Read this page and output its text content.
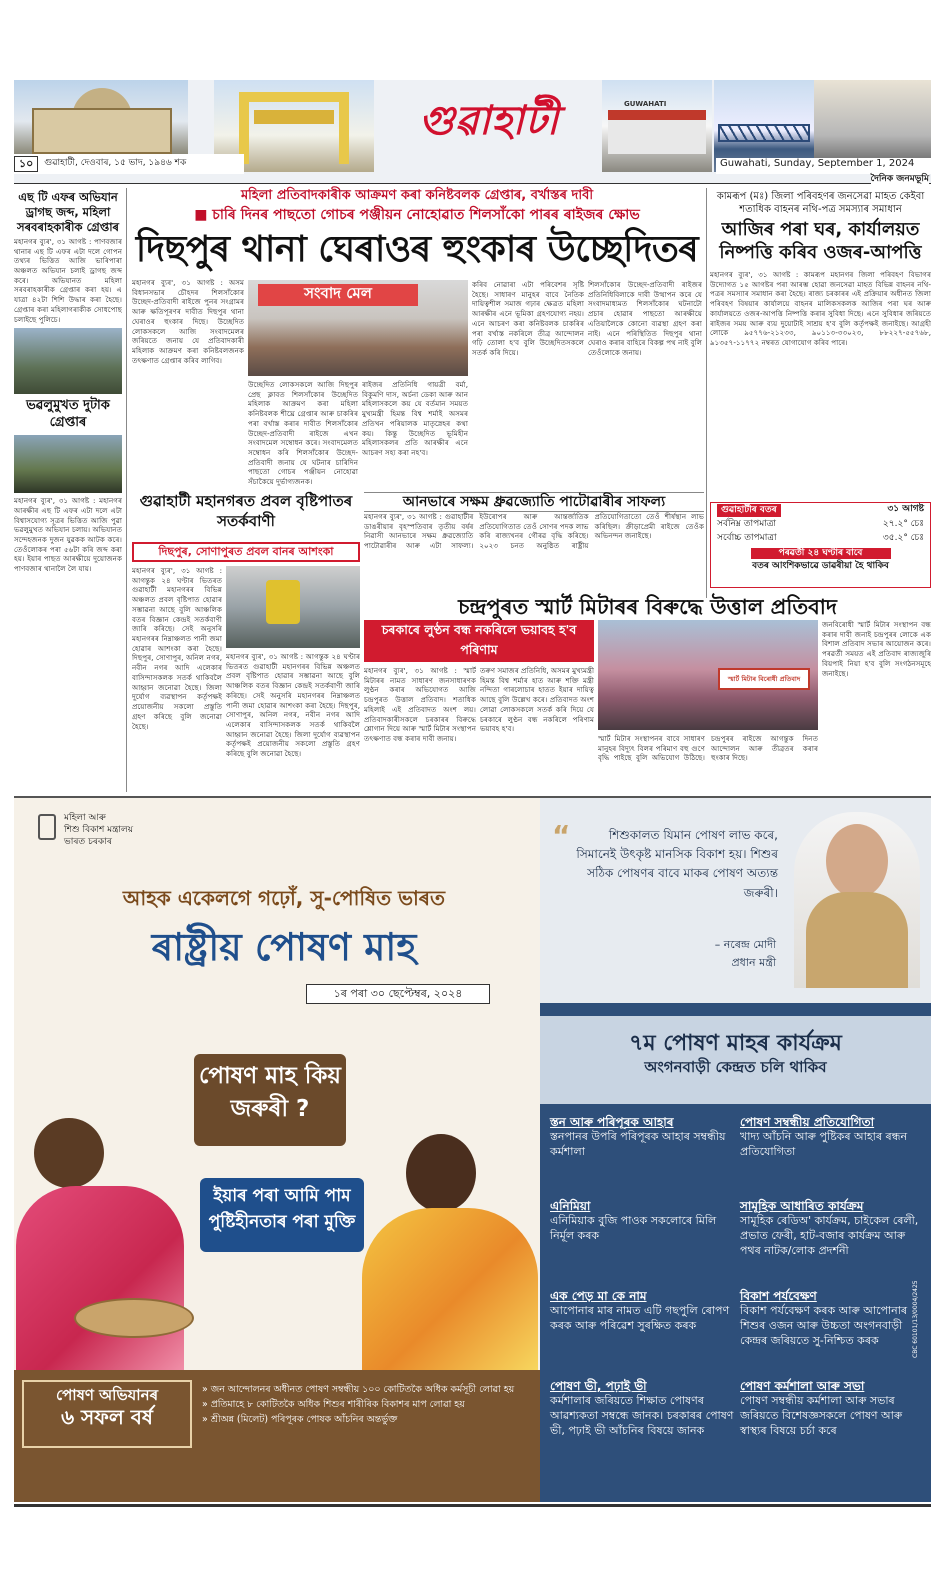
গুৱাহাটী	GUWAHATI
১০	গুৱাহাটী, দেওবাৰ, ১৫ ভাদ, ১৯৪৬ শক	Guwahati, Sunday, September 1, 2024
দৈনিক জনমভূমি
এছ টি এফৰ অভিযান ড্ৰাগছ জব্দ, মহিলা সৰবৰাহকাৰীক গ্ৰেপ্তাৰ

মহানগৰ ব্যুৰ', ৩১ আগষ্ট : পাণবজাৰ থানাৰ এছ টি এফৰ এটা দলে গোপন তথ্যৰ ভিত্তিত আজি ভাৰিপাৰা অঞ্চলত অভিযান চলাই ড্ৰাগছ জব্দ কৰে। অভিযানত মহিলা সৰবৰাহকাৰীক গ্ৰেপ্তাৰ কৰা হয়। এ যাত্ৰা ৪২টা শিশি উদ্ধাৰ কৰা হৈছে। গ্ৰেপ্তাৰ কৰা মহিলাগৰাকীক সোধপোছ চলাইছে পুলিচে।

ভৱলুমুখত দুটাক গ্ৰেপ্তাৰ

মহানগৰ ব্যুৰ', ৩১ আগষ্ট : মহানগৰ আৰক্ষীৰ এছ টি এফৰ এটা দলে এটা বিশ্বাসযোগ্য সূত্ৰৰ ভিত্তিত আজি পুৱা ভৱলুমুখত অভিযান চলায়। অভিযানত সন্দেহজনক দুজন যুৱকক আটক কৰে। তেওঁলোকৰ পৰা ৫৬টা কৰি জব্দ কৰা হয়। ইয়াৰ পাছত আৰক্ষীয়ে দুয়োজনক পাণবজাৰ থানালৈ লৈ যায়।

মহিলা প্ৰতিবাদকাৰীক আক্ৰমণ কৰা কনিষ্টবলক গ্ৰেপ্তাৰ, বৰ্খাস্তৰ দাবী
■ চাৰি দিনৰ পাছতো গোচৰ পঞ্জীয়ন নোহোৱাত শিলসাঁকো পাৰৰ ৰাইজৰ ক্ষোভ
দিছপুৰ থানা ঘেৰাওৰ হুংকাৰ উচ্ছেদিতৰ

মহানগৰ ব্যুৰ', ৩১ আগষ্ট : অসম বিধানসভাৰ চৌহদৰ শিলসাঁকোৰ উচ্ছেদ-প্ৰতিবাদী ৰাইজে পুনৰ সংগ্ৰামৰ আৰু ক্ষতিপূৰণৰ দাবীত দিছপুৰ থানা ঘেৰাওৰ হুংকাৰ দিছে। উচ্ছেদিত লোকসকলে আজি সংবাদমেলৰ জৰিয়তে জনায় যে প্ৰতিবাদকাৰী মহিলাক আক্ৰমণ কৰা কনিষ্টবলজনক তৎক্ষণাত গ্ৰেপ্তাৰ কৰিব লাগিব।

সংবাদ মেল

উচ্ছেদিত লোকসকলে আজি দিছপুৰ প্ৰেছ ক্লাবত শিলসাঁকোৰ উচ্ছেদিত মহিলাক আক্ৰমণ কৰা মহিলা কনিষ্টবলক শীঘ্ৰে গ্ৰেপ্তাৰ আৰু চাকৰিৰ পৰা বৰ্খাস্ত কৰাৰ দাবীত শিলসাঁকোৰ উচ্ছেদ-প্ৰতিবাদী ৰাইজে এখন সংবাদমেল সম্বোধন কৰে। সংবাদমেলত সম্বোধন কৰি শিলসাঁকোৰ উচ্ছেদ-প্ৰতিবাদী জনায় যে ঘটনাৰ চাৰিদিন পাছতো গোচৰ পঞ্জীয়ন নোহোৱা সঁচাকৈয়ে দুৰ্ভাগ্যজনক।

ৰাইজৰ প্ৰতিনিধি গায়ত্ৰী বৰ্মা, বিকুমণি দাস, অৰ্চনা ডেকা আৰু আন মহিলাসকলে কয় যে বৰ্তমান সময়ত মুখ্যমন্ত্ৰী হিমন্ত বিশ্ব শৰ্মাই অসমৰ প্ৰতিখন পৰিয়ালক মাতৃস্নেহৰ কথা কয়। কিন্তু উচ্ছেদিত ভূমিহীন মহিলাসকলৰ প্ৰতি আৰক্ষীৰ এনে আচৰণ সহ্য কৰা নহ'ব।

কৰিব নোৱাৰা এটা পৰিবেশৰ সৃষ্টি হৈছে। সাধাৰণ মানুহৰ বাবে নৈতিক দায়িত্বশীল সমাজ গঢ়াৰ ক্ষেত্ৰত মহিলা আৰক্ষীৰ এনে ভূমিকা গ্ৰহণযোগ্য নহয়। এনে আচৰণ কৰা কনিষ্টবলক চাকৰিৰ পৰা বৰ্খাস্ত নকৰিলে তীব্ৰ আন্দোলন গঢ়ি তোলা হ'ব বুলি উচ্ছেদিতসকলে সতৰ্ক কৰি দিয়ে।

শিলসাঁকোৰ উচ্ছেদ-প্ৰতিবাদী ৰাইজৰ প্ৰতিনিধিবিলাকে দাবী উত্থাপন কৰে যে সংবাদমাধ্যমত শিলসাঁকোৰ ঘটনাটো প্ৰচাৰ হোৱাৰ পাছতো আৰক্ষীয়ে এতিয়ালৈকে কোনো ব্যৱস্থা গ্ৰহণ কৰা নাই। এনে পৰিস্থিতিত দিছপুৰ থানা ঘেৰাও কৰাৰ বাহিৰে বিকল্প পথ নাই বুলি তেওঁলোকে জনায়।

গুৱাহাটী মহানগৰত প্ৰবল বৃষ্টিপাতৰ সতৰ্কবাণী
দিছপুৰ, সোণাপুৰত প্ৰবল বানৰ আশংকা

মহানগৰ ব্যুৰ', ৩১ আগষ্ট : আগন্তুক ২৪ ঘণ্টাৰ ভিতৰত গুৱাহাটী মহানগৰৰ বিভিন্ন অঞ্চলত প্ৰবল বৃষ্টিপাত হোৱাৰ সম্ভাৱনা আছে বুলি আঞ্চলিক বতৰ বিজ্ঞান কেন্দ্ৰই সতৰ্কবাণী জাৰি কৰিছে। সেই অনুসৰি মহানগৰৰ নিম্নাঞ্চলত পানী জমা হোৱাৰ আশংকা কৰা হৈছে। দিছপুৰ, সোণাপুৰ, অনিল নগৰ, নবীন নগৰ আদি এলেকাৰ বাসিন্দাসকলক সতৰ্ক থাকিবলৈ আহ্বান জনোৱা হৈছে। জিলা দুৰ্যোগ ব্যৱস্থাপন কৰ্তৃপক্ষই প্ৰয়োজনীয় সকলো প্ৰস্তুতি গ্ৰহণ কৰিছে বুলি জনোৱা হৈছে।

মহানগৰ ব্যুৰ', ৩১ আগষ্ট : আগন্তুক ২৪ ঘণ্টাৰ ভিতৰত গুৱাহাটী মহানগৰৰ বিভিন্ন অঞ্চলত প্ৰবল বৃষ্টিপাত হোৱাৰ সম্ভাৱনা আছে বুলি আঞ্চলিক বতৰ বিজ্ঞান কেন্দ্ৰই সতৰ্কবাণী জাৰি কৰিছে। সেই অনুসৰি মহানগৰৰ নিম্নাঞ্চলত পানী জমা হোৱাৰ আশংকা কৰা হৈছে। দিছপুৰ, সোণাপুৰ, অনিল নগৰ, নবীন নগৰ আদি এলেকাৰ বাসিন্দাসকলক সতৰ্ক থাকিবলৈ আহ্বান জনোৱা হৈছে। জিলা দুৰ্যোগ ব্যৱস্থাপন কৰ্তৃপক্ষই প্ৰয়োজনীয় সকলো প্ৰস্তুতি গ্ৰহণ কৰিছে বুলি জনোৱা হৈছে।

আনভাৰে সক্ষম ধ্ৰুৱজ্যোতি পাটোৱাৰীৰ সাফল্য

মহানগৰ ব্যুৰ', ৩১ আগষ্ট : গুৱাহাটীৰ ডাঙৰীয়াৰ বৃহস্পতিবাৰ তৃতীয় বৰ্ষৰ নিৱাসী আনভাৰে সক্ষম ধ্ৰুৱজ্যোতি পাটোৱাৰীৰ আৰু এটা সাফল্য। ইউৰোপৰ আৰু আন্তৰ্জাতিক প্ৰতিযোগিতাত তেওঁ সোণৰ পদক লাভ কৰি ৰাজ্যখনৰ গৌৰৱ বৃদ্ধি কৰিছে। ২০২৩ চনত অনুষ্ঠিত ৰাষ্ট্ৰীয় প্ৰতিযোগিতাতো তেওঁ শীৰ্ষস্থান লাভ কৰিছিল। ক্ৰীড়াপ্ৰেমী ৰাইজে তেওঁক অভিনন্দন জনাইছে।

কামৰূপ (মঃ) জিলা পৰিবহণৰ জনসেৱা মাহত কেইবা শতাধিক বাহনৰ নথি-পত্ৰ সমস্যাৰ সমাধান
আজিৰ পৰা ঘৰ, কাৰ্যালয়ত নিষ্পত্তি কৰিব ওজৰ-আপত্তি

মহানগৰ ব্যুৰ', ৩১ আগষ্ট : কামৰূপ মহানগৰ জিলা পৰিবহণ বিভাগৰ উদ্যোগত ১৫ আগষ্টৰ পৰা আৰম্ভ হোৱা জনসেৱা মাহত বিভিন্ন বাহনৰ নথি-পত্ৰৰ সমস্যাৰ সমাধান কৰা হৈছে। ৰাজ্য চৰকাৰৰ এই প্ৰক্ৰিয়াৰ অধীনত জিলা পৰিবহণ বিষয়াৰ কাৰ্যালয়ে বাহনৰ মালিকসকলক আজিৰ পৰা ঘৰ আৰু কাৰ্যালয়তে ওজৰ-আপত্তি নিষ্পত্তি কৰাৰ সুবিধা দিছে। এনে সুবিধাৰ জৰিয়তে ৰাইজৰ সময় আৰু ব্যয় দুয়োটাই সাশ্ৰয় হ'ব বুলি কৰ্তৃপক্ষই জনাইছে। আগ্ৰহী লোকে ৯৫৭৭৬-২১২৩৩, ৯০১১৩-৩৩০২৩, ৮৮২২৭-৫৫৭৬৮, ৯১৩৫৭-১১৭৭২ নম্বৰত যোগাযোগ কৰিব পাৰে।

গুৱাহাটীৰ বতৰ	৩১ আগষ্ট
সৰ্বনিম্ন তাপমাত্ৰা	২৭.২° চেঃ
সৰ্বোচ্চ তাপমাত্ৰা	৩৫.২° চেঃ
পৰৱৰ্তী ২৪ ঘণ্টাৰ বাবে
বতৰ আংশিকভাৱে ডাৱৰীয়া হৈ থাকিব
চন্দ্ৰপুৰত স্মাৰ্ট মিটাৰৰ বিৰুদ্ধে উত্তাল প্ৰতিবাদ
চৰকাৰে লুণ্ঠন বন্ধ নকৰিলে ভয়াবহ হ'ব পৰিণাম

মহানগৰ ব্যুৰ', ৩১ আগষ্ট : স্মাৰ্ট মিটাৰৰ নামত সাধাৰণ জনসাধাৰণক লুণ্ঠন কৰাৰ অভিযোগত আজি চন্দ্ৰপুৰত উত্তাল প্ৰতিবাদ। শতাধিক মহিলাই এই প্ৰতিবাদত অংশ লয়। প্ৰতিবাদকাৰীসকলে চৰকাৰৰ বিৰুদ্ধে শ্লোগান দিয়ে আৰু স্মাৰ্ট মিটাৰ সংস্থাপন তৎক্ষণাত বন্ধ কৰাৰ দাবী জনায়।

তৰুণ সমাজৰ প্ৰতিনিধি, অসমৰ মুখ্যমন্ত্ৰী হিমন্ত বিশ্ব শৰ্মাৰ হাত আৰু শক্তি মন্ত্ৰী নন্দিতা গাৰলোচাৰ হাতত ইয়াৰ দায়িত্ব আছে বুলি উল্লেখ কৰে। প্ৰতিবাদত অংশ লোৱা লোকসকলে সতৰ্ক কৰি দিয়ে যে চৰকাৰে লুণ্ঠন বন্ধ নকৰিলে পৰিণাম ভয়াবহ হ'ব।

স্মাৰ্ট মিটাৰ বিৰোধী প্ৰতিবাদ

স্মাৰ্ট মিটাৰ সংস্থাপনৰ বাবে সাধাৰণ মানুহৰ বিদ্যুৎ বিলৰ পৰিমাণ বহু গুণে বৃদ্ধি পাইছে বুলি অভিযোগ উঠিছে। চন্দ্ৰপুৰৰ ৰাইজে আগন্তুক দিনত আন্দোলন আৰু তীব্ৰতৰ কৰাৰ হুংকাৰ দিছে।

জনবিৰোধী স্মাৰ্ট মিটাৰ সংস্থাপন বন্ধ কৰাৰ দাবী জনাই চন্দ্ৰপুৰৰ লোকে এক বিশাল প্ৰতিবাদ সভাৰ আয়োজন কৰে। পৰৱৰ্তী সময়ত এই প্ৰতিবাদ ৰাজ্যজুৰি বিয়পাই নিয়া হ'ব বুলি সংগঠনসমূহে জনাইছে।

মহিলা আৰু
শিশু বিকাশ মন্ত্ৰালয়
ভাৰত চৰকাৰ
আহক একেলগে গঢ়োঁ, সু-পোষিত ভাৰত
ৰাষ্ট্ৰীয় পোষণ মাহ
১ৰ পৰা ৩০ ছেপ্টেম্বৰ, ২০২৪
পোষণ মাহ কিয় জৰুৰী ?
ইয়াৰ পৰা আমি পাম পুষ্টিহীনতাৰ পৰা মুক্তি
পোষণ অভিযানৰ
৬ সফল বৰ্ষ
» জন আন্দোলনৰ অধীনত পোষণ সম্বন্ধীয় ১০০ কোটিতকৈ অধিক কৰ্মসূচী লোৱা হয়
» প্ৰতিমাহে ৮ কোটিতকৈ অধিক শিশুৰ শাৰীৰিক বিকাশৰ মাপ লোৱা হয়
» শ্ৰীঅন্ন (মিলেট) পৰিপূৰক পোষক আঁচনিৰ অন্তৰ্ভুক্ত
“	শিশুকালত যিমান পোষণ লাভ কৰে, সিমানেই উৎকৃষ্ট মানসিক বিকাশ হয়। শিশুৰ সঠিক পোষণৰ বাবে মাকৰ পোষণ অত্যন্ত জৰুৰী।
– নৰেন্দ্ৰ মোদী
প্ৰধান মন্ত্ৰী
৭ম পোষণ মাহৰ কাৰ্যক্ৰম
অংগনবাড়ী কেন্দ্ৰত চলি থাকিব
স্তন আৰু পৰিপূৰক আহাৰ
স্তনপানৰ উপৰি পৰিপূৰক আহাৰ সম্বন্ধীয় কৰ্মশালা
পোষণ সম্বন্ধীয় প্ৰতিযোগিতা
খাদ্য আঁচনি আৰু পুষ্টিকৰ আহাৰ ৰন্ধন প্ৰতিযোগিতা
এনিমিয়া
এনিমিয়াক বুজি পাওক সকলোৰে মিলি নিৰ্মূল কৰক
সামূহিক আধাৰিত কাৰ্যক্ৰম
সামূহিক ৰেডিঅ' কাৰ্যক্ৰম, চাইকেল ৰেলী, প্ৰভাত ফেৰী, হাট-বজাৰ কাৰ্যক্ৰম আৰু পথৰ নাটক/লোক প্ৰদৰ্শনী
এক পেড় মা কে নাম
আপোনাৰ মাৰ নামত এটি গছপুলি ৰোপণ কৰক আৰু পৰিৱেশ সুৰক্ষিত কৰক
বিকাশ পৰ্যবেক্ষণ
বিকাশ পৰ্যবেক্ষণ কৰক আৰু আপোনাৰ শিশুৰ ওজন আৰু উচ্চতা অংগনবাড়ী কেন্দ্ৰৰ জৰিয়তে সু-নিশ্চিত কৰক
পোষণ ভী, পঢ়াই ভী
কৰ্মশালাৰ জৰিয়তে শিক্ষাত পোষণৰ আৱশ্যকতা সম্বন্ধে জানক। চৰকাৰৰ পোষণ ভী, পঢ়াই ভী আঁচনিৰ বিষয়ে জানক
পোষণ কৰ্মশালা আৰু সভা
পোষণ সম্বন্ধীয় কৰ্মশালা আৰু সভাৰ জৰিয়তে বিশেষজ্ঞসকলে পোষণ আৰু স্বাস্থ্যৰ বিষয়ে চৰ্চা কৰে
CBC 60101/13/0004/2425
